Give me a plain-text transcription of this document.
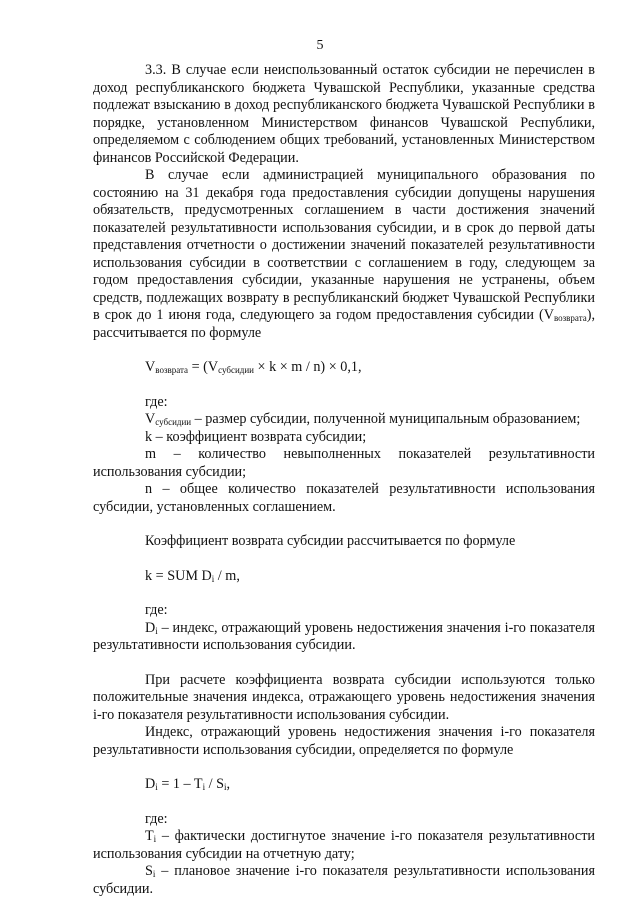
5

3.3. В случае если неиспользованный остаток субсидии не перечислен в доход республиканского бюджета Чувашской Республики, указанные средства подлежат взысканию в доход республиканского бюджета Чувашской Республики в порядке, установленном Министерством финансов Чувашской Республики, определяемом с соблюдением общих требований, установленных Министерством финансов Российской Федерации.

В случае если администрацией муниципального образования по состоянию на 31 декабря года предоставления субсидии допущены нарушения обязательств, предусмотренных соглашением в части достижения значений показателей результативности использования субсидии, и в срок до первой даты представления отчетности о достижении значений показателей результативности использования субсидии в соответствии с соглашением в году, следующем за годом предоставления субсидии, указанные нарушения не устранены, объем средств, подлежащих возврату в республиканский бюджет Чувашской Республики в срок до 1 июня года, следующего за годом предоставления субсидии $(V_{возврата})$, рассчитывается по формуле

$V_{возврата} = (V_{субсидии} \times k \times m / n) \times 0,1$,

где:

$V_{субсидии}$ – размер субсидии, полученной муниципальным образованием;

k – коэффициент возврата субсидии;

m – количество невыполненных показателей результативности использования субсидии;

n – общее количество показателей результативности использования субсидии, установленных соглашением.

Коэффициент возврата субсидии рассчитывается по формуле

k = SUM $D_i$ / m,

где:

$D_i$ – индекс, отражающий уровень недостижения значения i-го показателя результативности использования субсидии.

При расчете коэффициента возврата субсидии используются только положительные значения индекса, отражающего уровень недостижения значения i-го показателя результативности использования субсидии.

Индекс, отражающий уровень недостижения значения i-го показателя результативности использования субсидии, определяется по формуле

$D_i = 1 - T_i / S_i$,

где:

$T_i$ – фактически достигнутое значение i-го показателя результативности использования субсидии на отчетную дату;

$S_i$ – плановое значение i-го показателя результативности использования субсидии.
